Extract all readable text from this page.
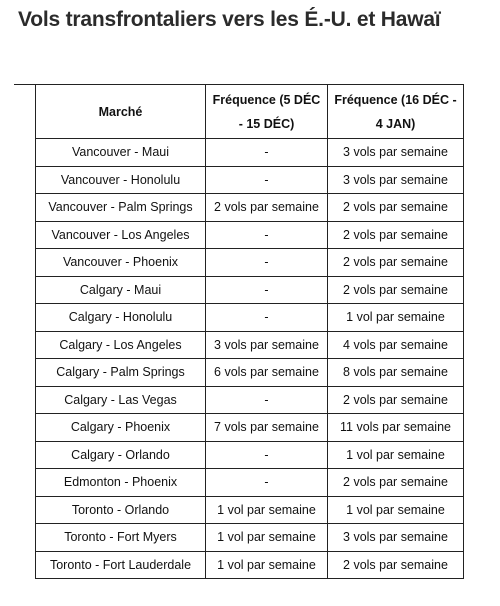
Vols transfrontaliers vers les É.-U. et Hawaï
Marché	Fréquence (5 DÉC - 15 DÉC)	Fréquence (16 DÉC - 4 JAN)
Vancouver - Maui	-	3 vols par semaine
Vancouver - Honolulu	-	3 vols par semaine
Vancouver - Palm Springs	2 vols par semaine	2 vols par semaine
Vancouver - Los Angeles	-	2 vols par semaine
Vancouver - Phoenix	-	2 vols par semaine
Calgary - Maui	-	2 vols par semaine
Calgary - Honolulu	-	1 vol par semaine
Calgary - Los Angeles	3 vols par semaine	4 vols par semaine
Calgary - Palm Springs	6 vols par semaine	8 vols par semaine
Calgary - Las Vegas	-	2 vols par semaine
Calgary - Phoenix	7 vols par semaine	11 vols par semaine
Calgary - Orlando	-	1 vol par semaine
Edmonton - Phoenix	-	2 vols par semaine
Toronto - Orlando	1 vol par semaine	1 vol par semaine
Toronto - Fort Myers	1 vol par semaine	3 vols par semaine
Toronto - Fort Lauderdale	1 vol par semaine	2 vols par semaine
